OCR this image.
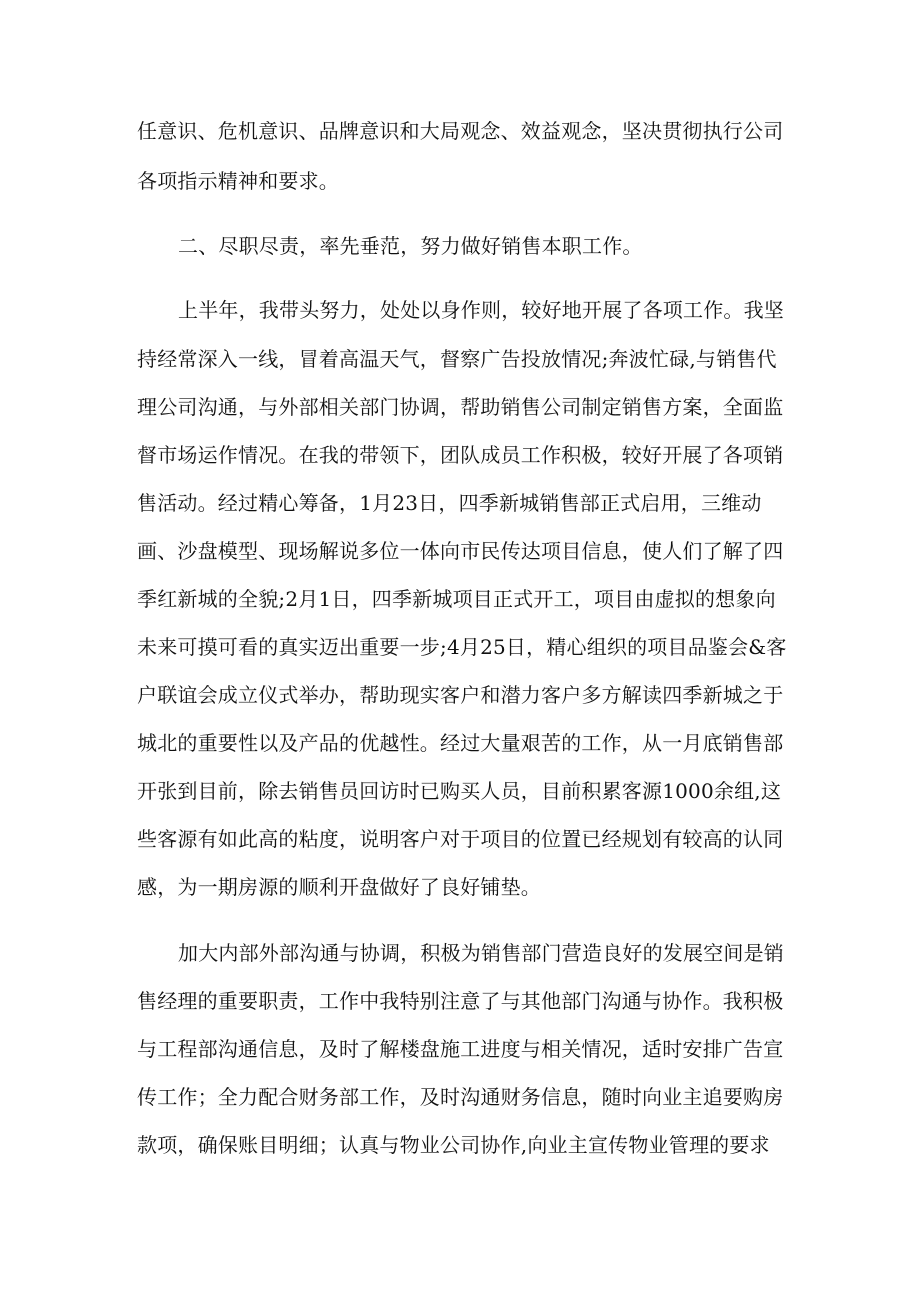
任意识、危机意识、品牌意识和大局观念、效益观念，坚决贯彻执行公司
各项指示精神和要求。
二、尽职尽责，率先垂范，努力做好销售本职工作。
上半年，我带头努力，处处以身作则，较好地开展了各项工作。我坚
持经常深入一线，冒着高温天气，督察广告投放情况;奔波忙碌,与销售代
理公司沟通，与外部相关部门协调，帮助销售公司制定销售方案，全面监
督市场运作情况。在我的带领下，团队成员工作积极，较好开展了各项销
售活动。经过精心筹备，1月23日，四季新城销售部正式启用，三维动
画、沙盘模型、现场解说多位一体向市民传达项目信息，使人们了解了四
季红新城的全貌;2月1日，四季新城项目正式开工，项目由虚拟的想象向
未来可摸可看的真实迈出重要一步;4月25日，精心组织的项目品鉴会&客
户联谊会成立仪式举办，帮助现实客户和潜力客户多方解读四季新城之于
城北的重要性以及产品的优越性。经过大量艰苦的工作，从一月底销售部
开张到目前，除去销售员回访时已购买人员，目前积累客源1000余组,这
些客源有如此高的粘度，说明客户对于项目的位置已经规划有较高的认同
感，为一期房源的顺利开盘做好了良好铺垫。
加大内部外部沟通与协调，积极为销售部门营造良好的发展空间是销
售经理的重要职责，工作中我特别注意了与其他部门沟通与协作。我积极
与工程部沟通信息，及时了解楼盘施工进度与相关情况，适时安排广告宣
传工作；全力配合财务部工作，及时沟通财务信息，随时向业主追要购房
款项，确保账目明细；认真与物业公司协作,向业主宣传物业管理的要求
